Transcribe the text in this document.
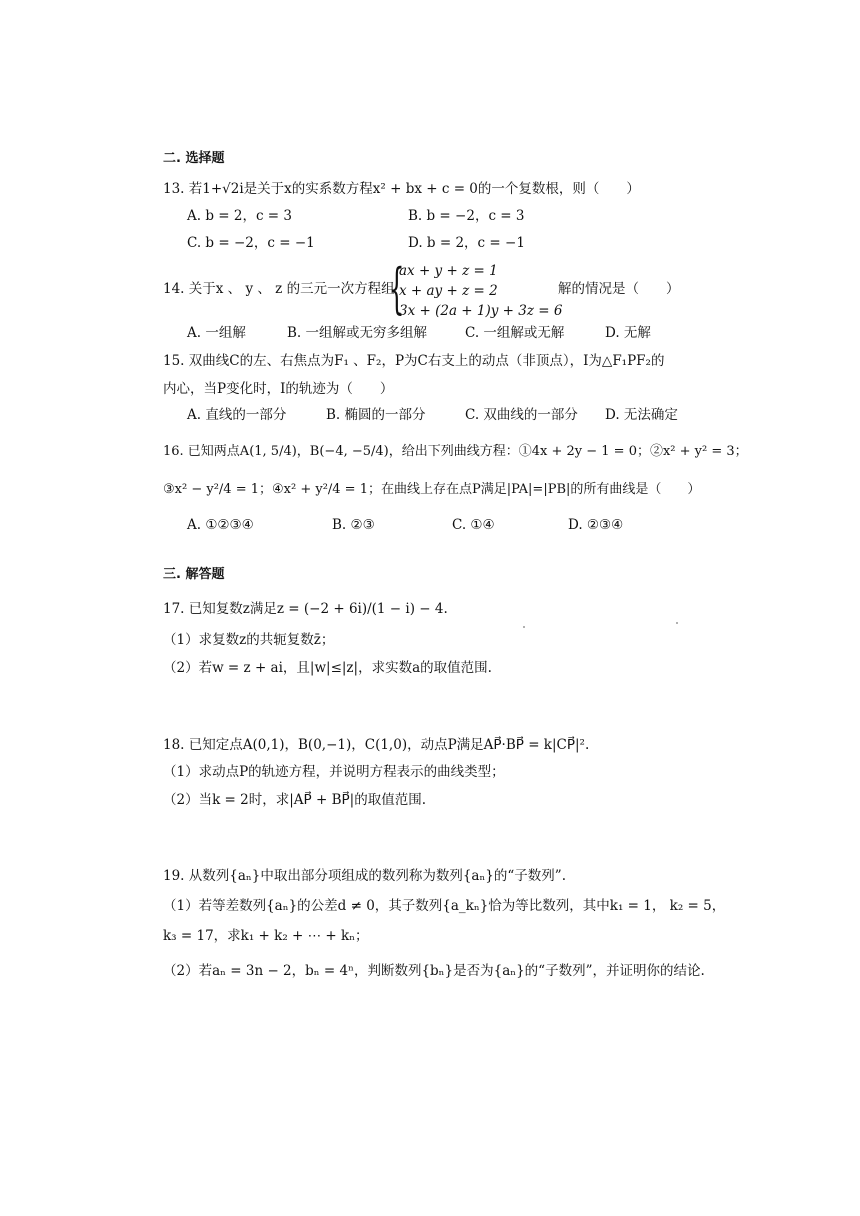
二. 选择题
13. 若1+√2i是关于x的实系数方程x² + bx + c = 0的一个复数根，则（　　）
A. b = 2，c = 3	B. b = −2，c = 3
C. b = −2，c = −1	D. b = 2，c = −1
14. 关于x 、 y 、 z 的三元一次方程组
{
ax + y + z = 1
x + ay + z = 2
3x + (2a + 1)y + 3z = 6
解的情况是（　　）
A. 一组解	B. 一组解或无穷多组解	C. 一组解或无解	D. 无解
15. 双曲线C的左、右焦点为F₁ 、F₂，P为C右支上的动点（非顶点），I为△F₁PF₂的
内心，当P变化时，I的轨迹为（　　）
A. 直线的一部分	B. 椭圆的一部分	C. 双曲线的一部分 D. 无法确定
16. 已知两点A(1, 5/4)，B(−4, −5/4)，给出下列曲线方程：①4x + 2y − 1 = 0；②x² + y² = 3；
③x² − y²/4 = 1；④x² + y²/4 = 1；在曲线上存在点P满足|PA|=|PB|的所有曲线是（　　）
A. ①②③④	B. ②③	C. ①④	D. ②③④
三. 解答题
17. 已知复数z满足z = (−2 + 6i)/(1 − i) − 4.
（1）求复数z的共轭复数z̄；
（2）若w = z + ai，且|w|≤|z|，求实数a的取值范围.
18. 已知定点A(0,1)，B(0,−1)，C(1,0)，动点P满足AP⃗·BP⃗ = k|CP⃗|².
（1）求动点P的轨迹方程，并说明方程表示的曲线类型；
（2）当k = 2时，求|AP⃗ + BP⃗|的取值范围.
19. 从数列{aₙ}中取出部分项组成的数列称为数列{aₙ}的“子数列”.
（1）若等差数列{aₙ}的公差d ≠ 0，其子数列{a_kₙ}恰为等比数列，其中k₁ = 1， k₂ = 5，
k₃ = 17，求k₁ + k₂ + ⋯ + kₙ；
（2）若aₙ = 3n − 2，bₙ = 4ⁿ，判断数列{bₙ}是否为{aₙ}的“子数列”，并证明你的结论.
